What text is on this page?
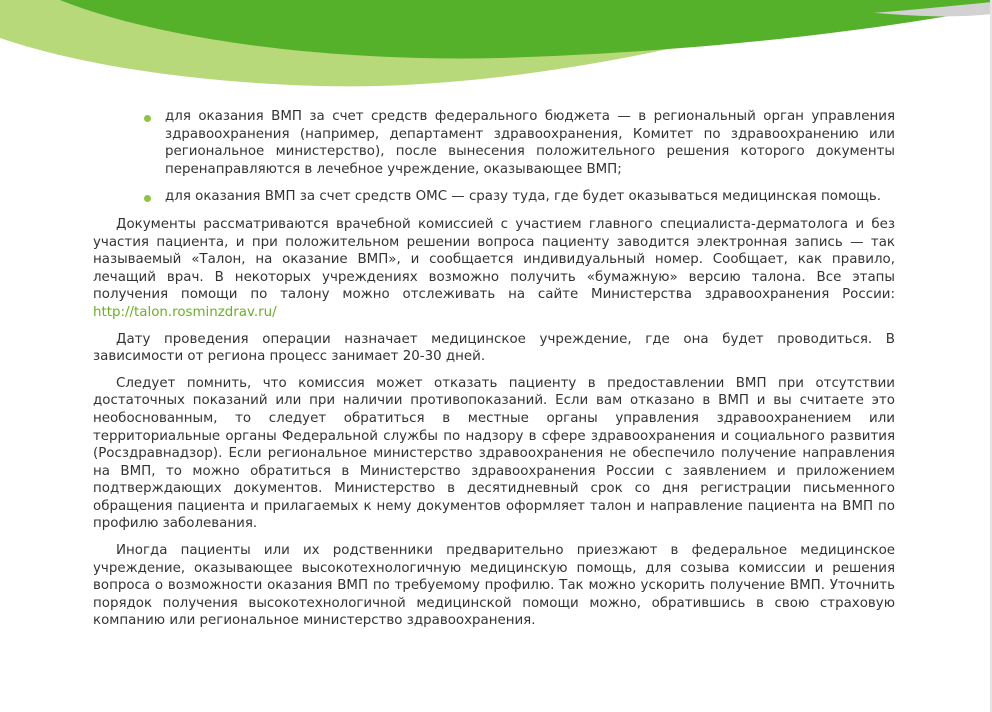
для оказания ВМП за счет средств федерального бюджета — в региональный орган управления здравоохранения (например, департамент здравоохранения, Комитет по здравоохранению или региональное министерство), после вынесения положительного решения которого документы перенаправляются в лечебное учреждение, оказывающее ВМП;
для оказания ВМП за счет средств ОМС — сразу туда, где будет оказываться медицинская помощь.

Документы рассматриваются врачебной комиссией с участием главного специалиста-дерматолога и без участия пациента, и при положительном решении вопроса пациенту заводится электронная запись — так называемый «Талон, на оказание ВМП», и сообщается индивидуальный номер. Сообщает, как правило, лечащий врач. В некоторых учреждениях возможно получить «бумажную» версию талона. Все этапы получения помощи по талону можно отслеживать на сайте Министерства здравоохранения России: http://talon.rosminzdrav.ru/

Дату проведения операции назначает медицинское учреждение, где она будет проводиться. В зависимости от региона процесс занимает 20-30 дней.

Следует помнить, что комиссия может отказать пациенту в предоставлении ВМП при отсутствии достаточных показаний или при наличии противопоказаний. Если вам отказано в ВМП и вы считаете это необоснованным, то следует обратиться в местные органы управления здравоохранением или территориальные органы Федеральной службы по надзору в сфере здравоохранения и социального развития (Росздравнадзор). Если региональное министерство здравоохранения не обеспечило получение направления на ВМП, то можно обратиться в Министерство здравоохранения России с заявлением и приложением подтверждающих документов. Министерство в десятидневный срок со дня регистрации письменного обращения пациента и прилагаемых к нему документов оформляет талон и направление пациента на ВМП по профилю заболевания.

Иногда пациенты или их родственники предварительно приезжают в федеральное медицинское учреждение, оказывающее высокотехнологичную медицинскую помощь, для созыва комиссии и решения вопроса о возможности оказания ВМП по требуемому профилю. Так можно ускорить получение ВМП. Уточнить порядок получения высокотехнологичной медицинской помощи можно, обратившись в свою страховую компанию или региональное министерство здравоохранения.
